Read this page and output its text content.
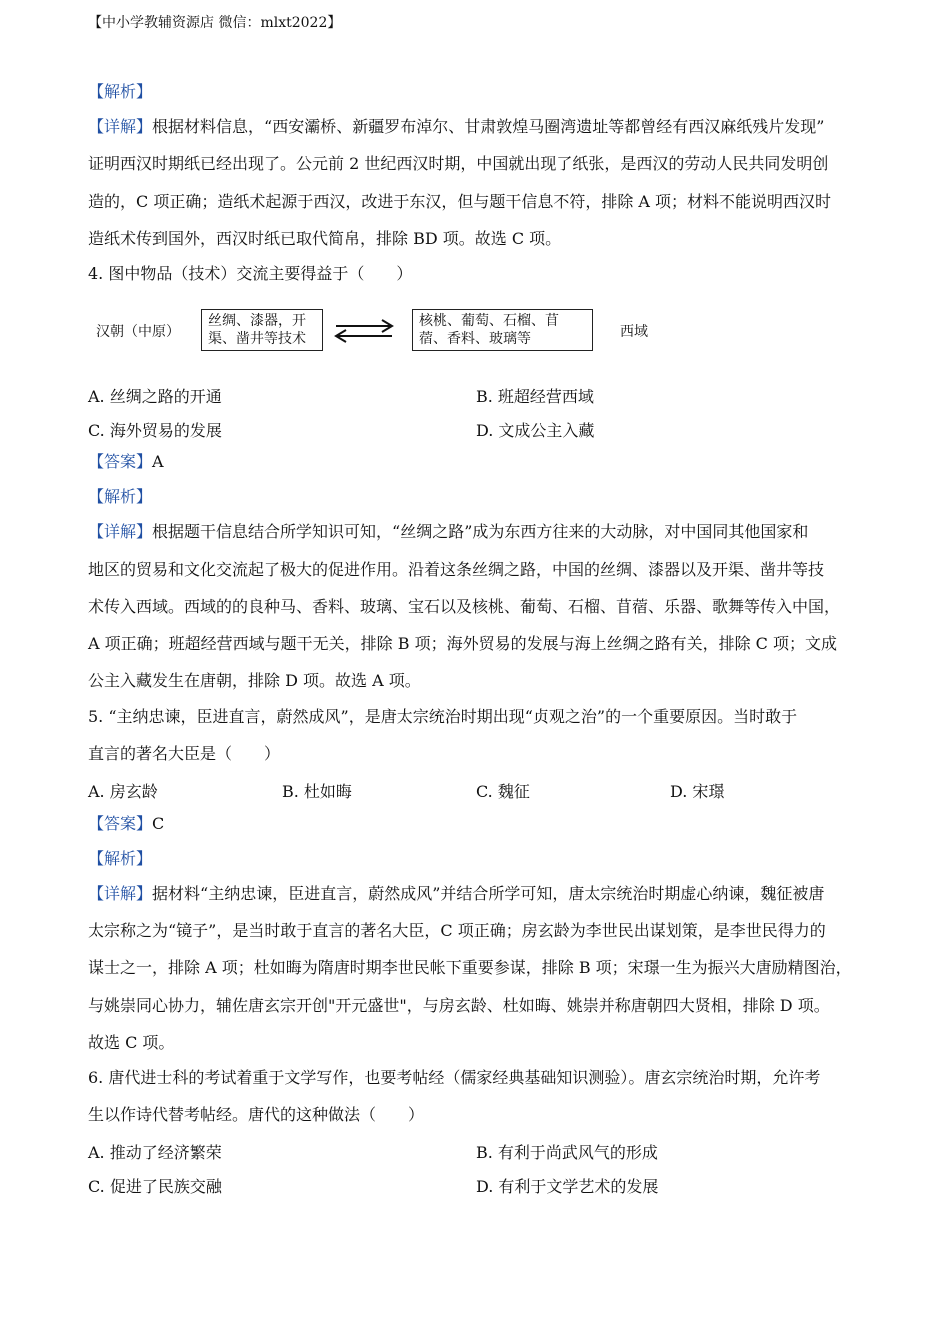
【中小学教辅资源店 微信：mlxt2022】
【解析】
【详解】根据材料信息，“西安灞桥、新疆罗布淖尔、甘肃敦煌马圈湾遗址等都曾经有西汉麻纸残片发现”
证明西汉时期纸已经出现了。公元前 2 世纪西汉时期，中国就出现了纸张，是西汉的劳动人民共同发明创
造的，C 项正确；造纸术起源于西汉，改进于东汉，但与题干信息不符，排除 A 项；材料不能说明西汉时
造纸术传到国外，西汉时纸已取代简帛，排除 BD 项。故选 C 项。
4. 图中物品（技术）交流主要得益于（　　）
汉朝（中原）
丝绸、漆器，开渠、凿井等技术
核桃、葡萄、石榴、苜蓿、香料、玻璃等	西域
A. 丝绸之路的开通	B. 班超经营西域
C. 海外贸易的发展	D. 文成公主入藏
【答案】A
【解析】
【详解】根据题干信息结合所学知识可知，“丝绸之路”成为东西方往来的大动脉，对中国同其他国家和
地区的贸易和文化交流起了极大的促进作用。沿着这条丝绸之路，中国的丝绸、漆器以及开渠、凿井等技
术传入西域。西域的的良种马、香料、玻璃、宝石以及核桃、葡萄、石榴、苜蓿、乐器、歌舞等传入中国，
A 项正确；班超经营西域与题干无关，排除 B 项；海外贸易的发展与海上丝绸之路有关，排除 C 项；文成
公主入藏发生在唐朝，排除 D 项。故选 A 项。
5. “主纳忠谏，臣进直言，蔚然成风”，是唐太宗统治时期出现“贞观之治”的一个重要原因。当时敢于
直言的著名大臣是（　　）
A. 房玄龄	B. 杜如晦	C. 魏征	D. 宋璟
【答案】C
【解析】
【详解】据材料“主纳忠谏，臣进直言，蔚然成风”并结合所学可知，唐太宗统治时期虚心纳谏，魏征被唐
太宗称之为“镜子”，是当时敢于直言的著名大臣，C 项正确；房玄龄为李世民出谋划策，是李世民得力的
谋士之一，排除 A 项；杜如晦为隋唐时期李世民帐下重要参谋，排除 B 项；宋璟一生为振兴大唐励精图治，
与姚崇同心协力，辅佐唐玄宗开创"开元盛世"，与房玄龄、杜如晦、姚崇并称唐朝四大贤相，排除 D 项。
故选 C 项。
6. 唐代进士科的考试着重于文学写作，也要考帖经（儒家经典基础知识测验）。唐玄宗统治时期，允许考
生以作诗代替考帖经。唐代的这种做法（　　）
A. 推动了经济繁荣	B. 有利于尚武风气的形成
C. 促进了民族交融	D. 有利于文学艺术的发展
